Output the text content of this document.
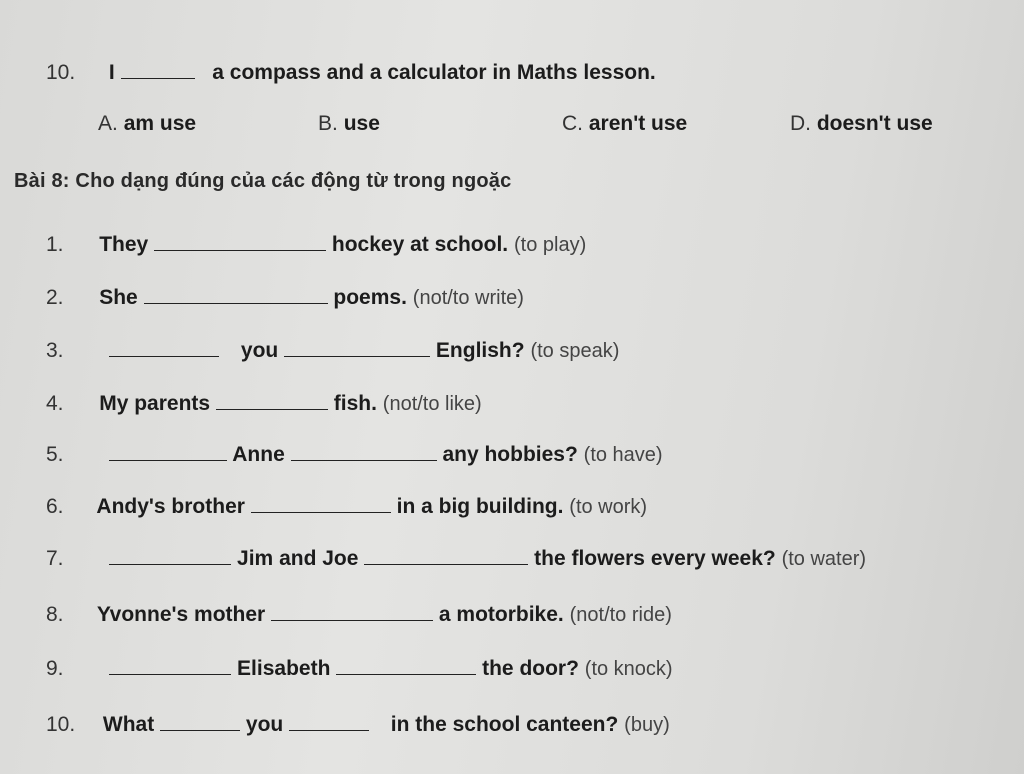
10. I	a compass and a calculator in Maths lesson.
A. am use	B. use	C. aren't use	D. doesn't use
Bài 8: Cho dạng đúng của các động từ trong ngoặc
1. They	hockey at school. (to play)
2. She	poems. (not/to write)
3.	you	English? (to speak)
4. My parents	fish. (not/to like)
5.	Anne	any hobbies? (to have)
6. Andy's brother	in a big building. (to work)
7.	Jim and Joe	the flowers every week? (to water)
8. Yvonne's mother	a motorbike. (not/to ride)
9.	Elisabeth	the door? (to knock)
10. What	you	in the school canteen? (buy)
